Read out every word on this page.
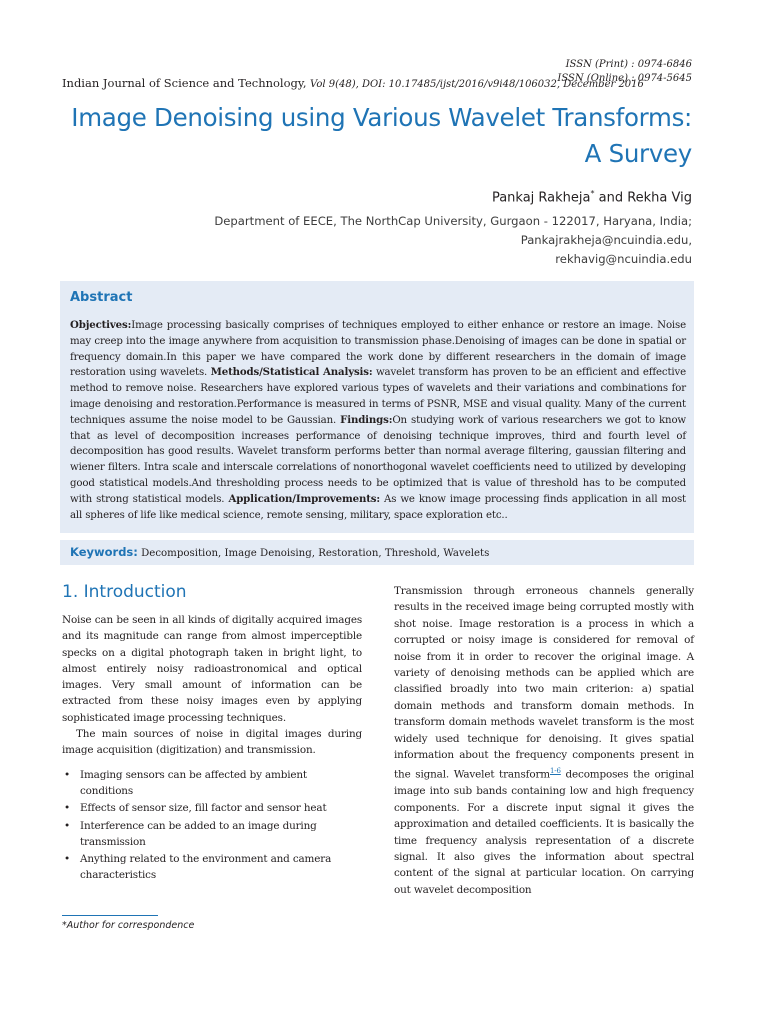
Indian Journal of Science and Technology, Vol 9(48), DOI: 10.17485/ijst/2016/v9i48/106032, December 2016
ISSN (Print) : 0974-6846
ISSN (Online) : 0974-5645
Image Denoising using Various Wavelet Transforms:
A Survey
Pankaj Rakheja* and Rekha Vig
Department of EECE, The NorthCap University, Gurgaon - 122017, Haryana, India; Pankajrakheja@ncuindia.edu,
rekhavig@ncuindia.edu
Abstract
Objectives:Image processing basically comprises of techniques employed to either enhance or restore an image. Noise may creep into the image anywhere from acquisition to transmission phase.Denoising of images can be done in spatial or frequency domain.In this paper we have compared the work done by different researchers in the domain of image restoration using wavelets. Methods/Statistical Analysis: wavelet transform has proven to be an efficient and effective method to remove noise. Researchers have explored various types of wavelets and their variations and combinations for image denoising and restoration.Performance is measured in terms of PSNR, MSE and visual quality. Many of the current techniques assume the noise model to be Gaussian. Findings:On studying work of various researchers we got to know that as level of decomposition increases performance of denoising technique improves, third and fourth level of decomposition has good results. Wavelet transform performs better than normal average filtering, gaussian filtering and wiener filters. Intra scale and interscale correlations of nonorthogonal wavelet coefficients need to utilized by developing good statistical models.And thresholding process needs to be optimized that is value of threshold has to be computed with strong statistical models. Application/Improvements: As we know image processing finds application in all most all spheres of life like medical science, remote sensing, military, space exploration etc..
Keywords: Decomposition, Image Denoising, Restoration, Threshold, Wavelets
1. Introduction

Noise can be seen in all kinds of digitally acquired images and its magnitude can range from almost imperceptible specks on a digital photograph taken in bright light, to almost entirely noisy radioastronomical and optical images. Very small amount of information can be extracted from these noisy images even by applying sophisticated image processing techniques.

The main sources of noise in digital images during image acquisition (digitization) and transmission.

• Imaging sensors can be affected by ambient conditions
• Effects of sensor size, fill factor and sensor heat
• Interference can be added to an image during transmission
• Anything related to the environment and camera characteristics

Transmission through erroneous channels generally results in the received image being corrupted mostly with shot noise. Image restoration is a process in which a corrupted or noisy image is considered for removal of noise from it in order to recover the original image. A variety of denoising methods can be applied which are classified broadly into two main criterion: a) spatial domain methods and transform domain methods. In transform domain methods wavelet transform is the most widely used technique for denoising. It gives spatial information about the frequency components present in the signal. Wavelet transform$^{1-6}$ decomposes the original image into sub bands containing low and high frequency components. For a discrete input signal it gives the approximation and detailed coefficients. It is basically the time frequency analysis representation of a discrete signal. It also gives the information about spectral content of the signal at particular location. On carrying out wavelet decomposition

*Author for correspondence
